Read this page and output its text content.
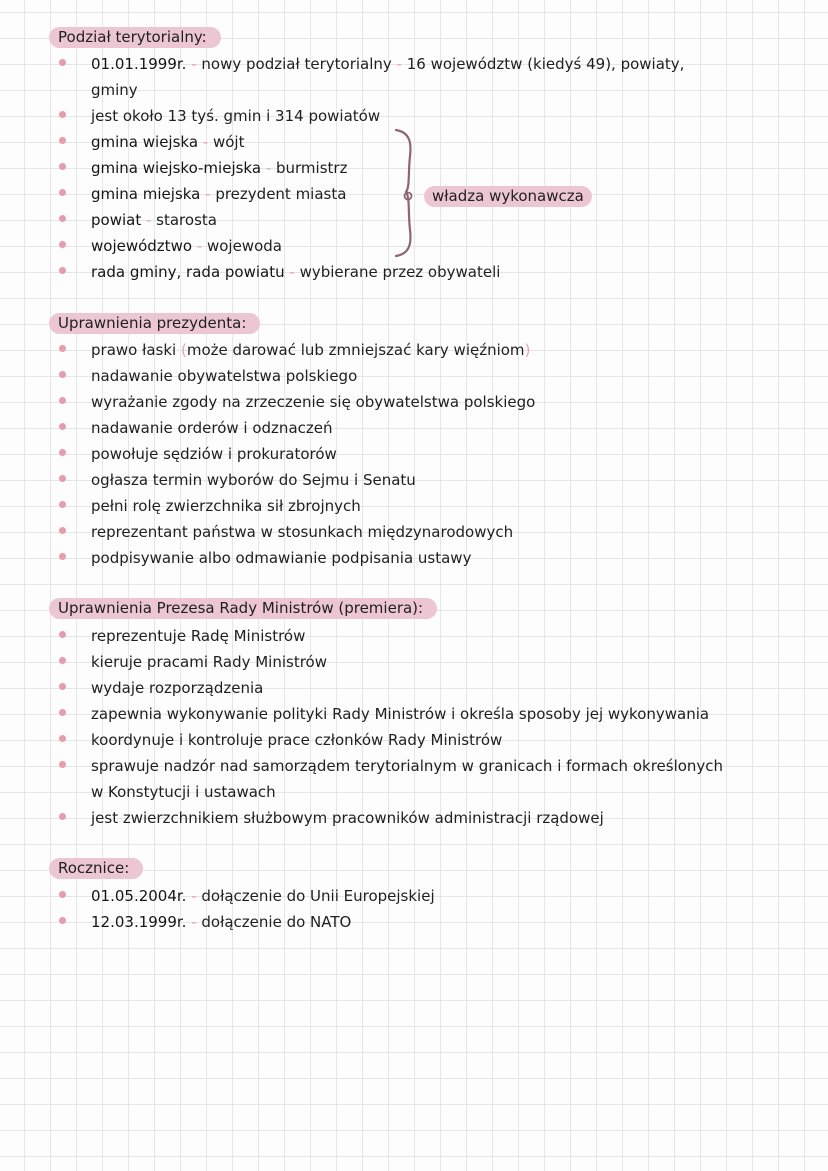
Podział terytorialny:
01.01.1999r. - nowy podział terytorialny - 16 województw (kiedyś 49), powiaty,
gminy
jest około 13 tyś. gmin i 314 powiatów
gmina wiejska - wójt
gmina wiejsko-miejska - burmistrz
gmina miejska - prezydent miasta
powiat - starosta
województwo - wojewoda
rada gminy, rada powiatu - wybierane przez obywateli
władza wykonawcza
Uprawnienia prezydenta:
prawo łaski (może darować lub zmniejszać kary więźniom)
nadawanie obywatelstwa polskiego
wyrażanie zgody na zrzeczenie się obywatelstwa polskiego
nadawanie orderów i odznaczeń
powołuje sędziów i prokuratorów
ogłasza termin wyborów do Sejmu i Senatu
pełni rolę zwierzchnika sił zbrojnych
reprezentant państwa w stosunkach międzynarodowych
podpisywanie albo odmawianie podpisania ustawy
Uprawnienia Prezesa Rady Ministrów (premiera):
reprezentuje Radę Ministrów
kieruje pracami Rady Ministrów
wydaje rozporządzenia
zapewnia wykonywanie polityki Rady Ministrów i określa sposoby jej wykonywania
koordynuje i kontroluje prace członków Rady Ministrów
sprawuje nadzór nad samorządem terytorialnym w granicach i formach określonych
w Konstytucji i ustawach
jest zwierzchnikiem służbowym pracowników administracji rządowej
Rocznice:
01.05.2004r. - dołączenie do Unii Europejskiej
12.03.1999r. - dołączenie do NATO
